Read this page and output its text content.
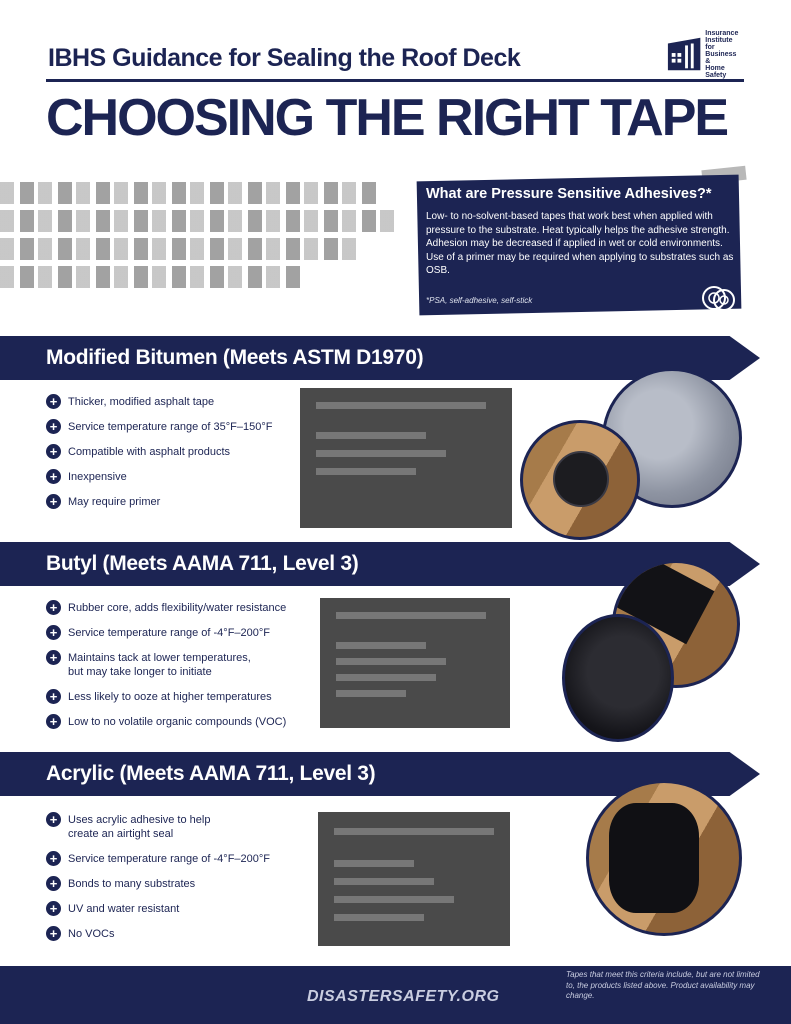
IBHS Guidance for Sealing the Roof Deck
Insurance
Institute for
Business &
Home
Safety
CHOOSING THE RIGHT TAPE
What are Pressure Sensitive Adhesives?*
Low- to no-solvent-based tapes that work best when applied with pressure to the substrate. Heat typically helps the adhesive strength. Adhesion may be decreased if applied in wet or cold environments. Use of a primer may be required when applying to substrates such as OSB.
*PSA, self-adhesive, self-stick
Modified Bitumen (Meets ASTM D1970)
+ Thicker, modified asphalt tape
+ Service temperature range of 35°F–150°F
+ Compatible with asphalt products
+ Inexpensive
+ May require primer
Butyl (Meets AAMA 711, Level 3)
+ Rubber core, adds flexibility/water resistance
+ Service temperature range of -4°F–200°F
+ Maintains tack at lower temperatures,
but may take longer to initiate
+ Less likely to ooze at higher temperatures
+ Low to no volatile organic compounds (VOC)
Acrylic (Meets AAMA 711, Level 3)
+ Uses acrylic adhesive to help
create an airtight seal
+ Service temperature range of -4°F–200°F
+ Bonds to many substrates
+ UV and water resistant
+ No VOCs
DISASTERSAFETY.ORG
Tapes that meet this criteria include, but are not limited to, the products listed above. Product availability may change.
